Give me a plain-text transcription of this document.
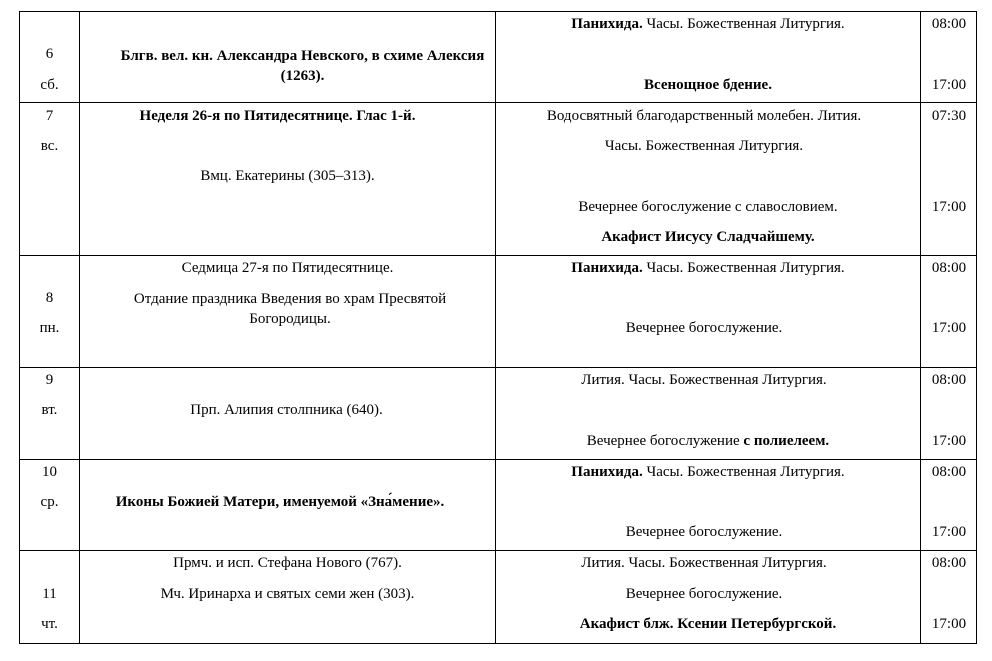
6
сб.
Блгв. вел. кн. Александра Невского, в схиме Алексия (1263).
Панихида. Часы. Божественная Литургия.
Всенощное бдение.
08:00
17:00
7
вс.
Неделя 26-я по Пятидесятнице. Глас 1-й.
Вмц. Екатерины (305–313).
Водосвятный благодарственный молебен. Лития.
Часы. Божественная Литургия.
Вечернее богослужение с славословием.
Акафист Иисусу Сладчайшему.
07:30
17:00
8
пн.
Седмица 27-я по Пятидесятнице.
Отдание праздника Введения во храм Пресвятой Богородицы.
Панихида. Часы. Божественная Литургия.
Вечернее богослужение.
08:00
17:00
9
вт.	Прп. Алипия столпника (640).
Лития. Часы. Божественная Литургия.
Вечернее богослужение с полиелеем.
08:00
17:00
10
ср.	Иконы Божией Матери, именуемой «Зна́мение».
Панихида. Часы. Божественная Литургия.
Вечернее богослужение.
08:00
17:00
11
чт.
Прмч. и исп. Стефана Нового (767).
Мч. Иринарха и святых семи жен (303).
Лития. Часы. Божественная Литургия.
Вечернее богослужение.
Акафист блж. Ксении Петербургской.
08:00
17:00
